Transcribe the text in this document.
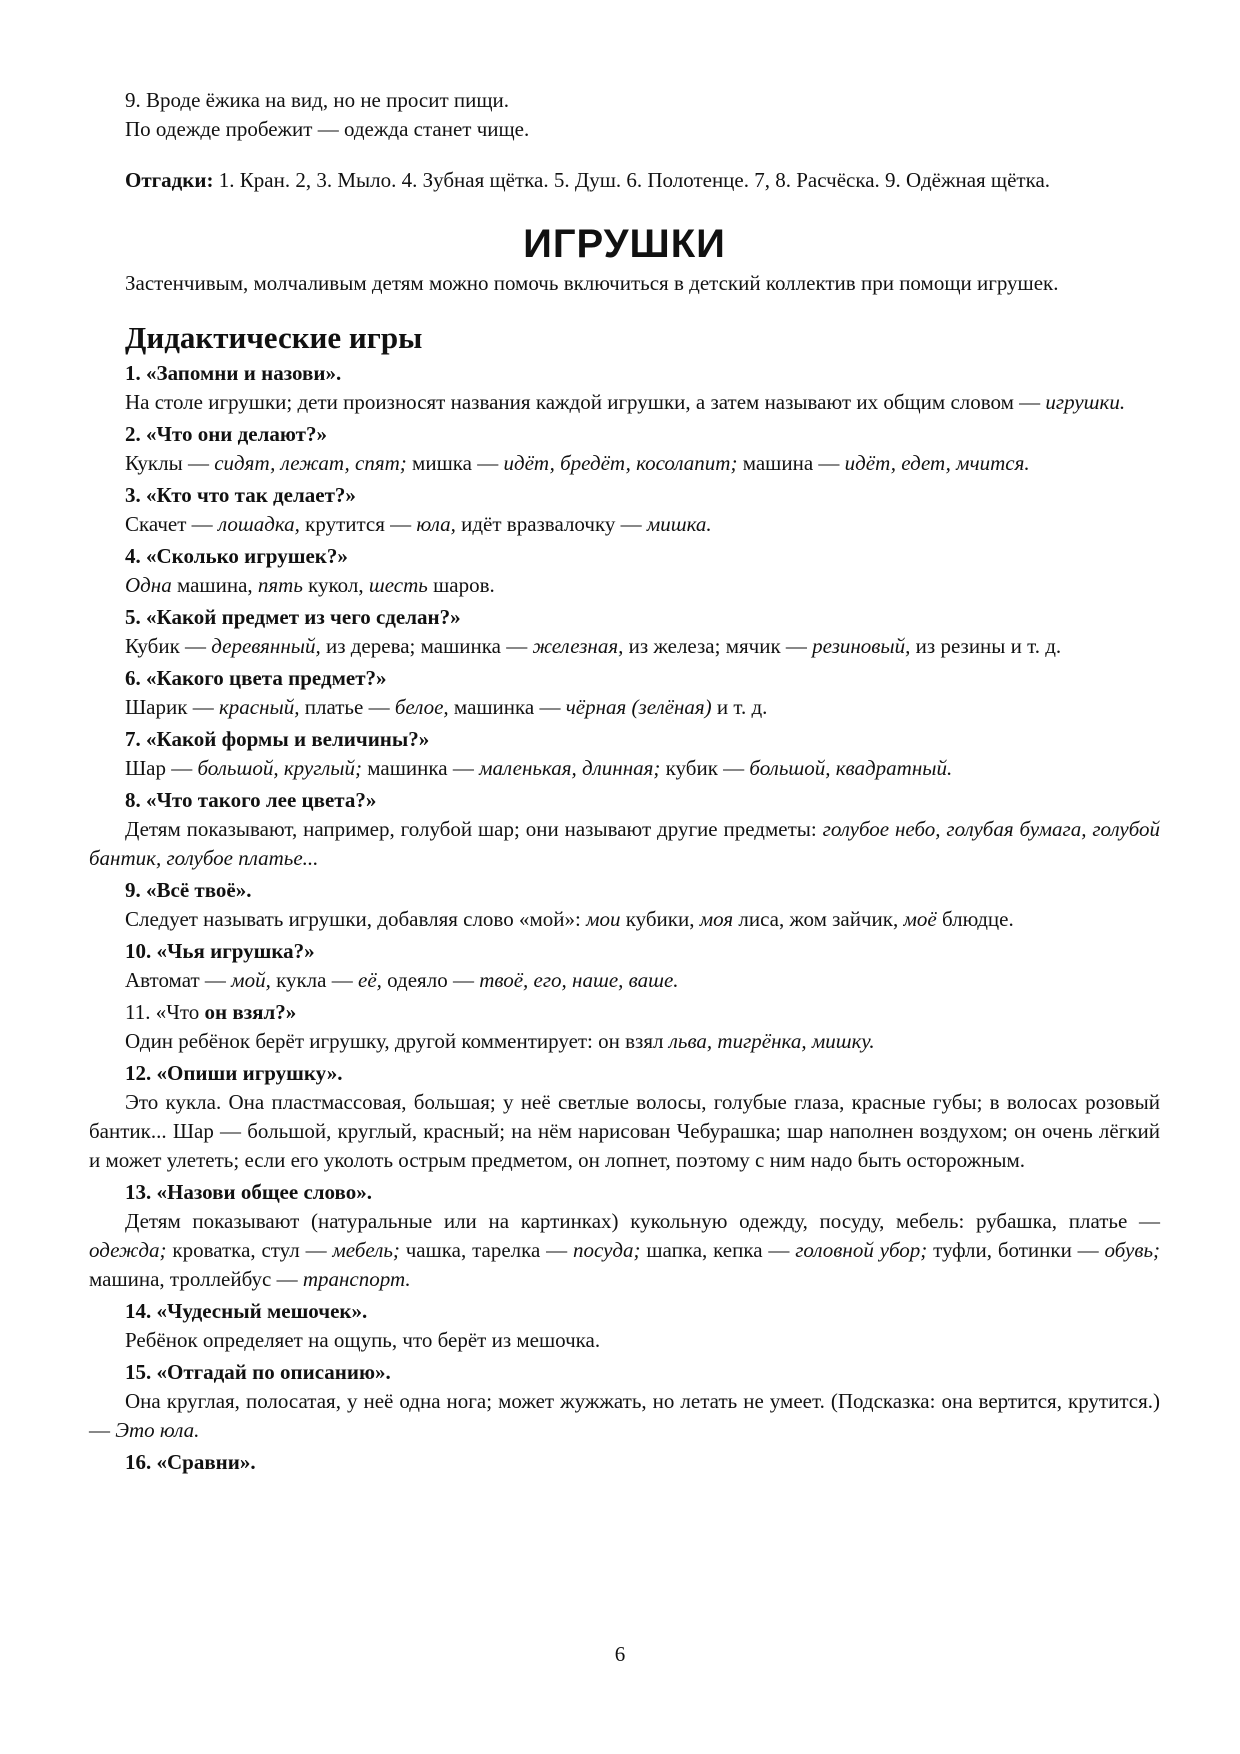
9. Вроде ёжика на вид, но не просит пищи.

По одежде пробежит — одежда станет чище.

Отгадки: 1. Кран. 2, 3. Мыло. 4. Зубная щётка. 5. Душ. 6. Полотенце. 7, 8. Расчёска. 9. Одёжная щётка.

ИГРУШКИ

Застенчивым, молчаливым детям можно помочь включиться в детский коллектив при помощи игрушек.

Дидактические игры

1. «Запомни и назови».

На столе игрушки; дети произносят названия каждой игрушки, а затем называют их общим словом — игрушки.

2. «Что они делают?»

Куклы — сидят, лежат, спят; мишка — идёт, бредёт, косолапит; машина — идёт, едет, мчится.

3. «Кто что так делает?»

Скачет — лошадка, крутится — юла, идёт вразвалочку — мишка.

4. «Сколько игрушек?»

Одна машина, пять кукол, шесть шаров.

5. «Какой предмет из чего сделан?»

Кубик — деревянный, из дерева; машинка — железная, из железа; мячик — резиновый, из резины и т. д.

6. «Какого цвета предмет?»

Шарик — красный, платье — белое, машинка — чёрная (зелёная) и т. д.

7. «Какой формы и величины?»

Шар — большой, круглый; машинка — маленькая, длинная; кубик — большой, квадратный.

8. «Что такого лее цвета?»

Детям показывают, например, голубой шар; они называют другие предметы: голубое небо, голубая бумага, голубой бантик, голубое платье...

9. «Всё твоё».

Следует называть игрушки, добавляя слово «мой»: мои кубики, моя лиса, жом зайчик, моё блюдце.

10. «Чья игрушка?»

Автомат — мой, кукла — её, одеяло — твоё, его, наше, ваше.

11. «Что он взял?»

Один ребёнок берёт игрушку, другой комментирует: он взял льва, тигрёнка, мишку.

12. «Опиши игрушку».

Это кукла. Она пластмассовая, большая; у неё светлые волосы, голубые глаза, красные губы; в волосах розовый бантик... Шар — большой, круглый, красный; на нём нарисован Чебурашка; шар наполнен воздухом; он очень лёгкий и может улететь; если его уколоть острым предметом, он лопнет, поэтому с ним надо быть осторожным.

13. «Назови общее слово».

Детям показывают (натуральные или на картинках) кукольную одежду, посуду, мебель: рубашка, платье — одежда; кроватка, стул — мебель; чашка, тарелка — посуда; шапка, кепка — головной убор; туфли, ботинки — обувь; машина, троллейбус — транспорт.

14. «Чудесный мешочек».

Ребёнок определяет на ощупь, что берёт из мешочка.

15. «Отгадай по описанию».

Она круглая, полосатая, у неё одна нога; может жужжать, но летать не умеет. (Подсказка: она вертится, крутится.) — Это юла.

16. «Сравни».

6
